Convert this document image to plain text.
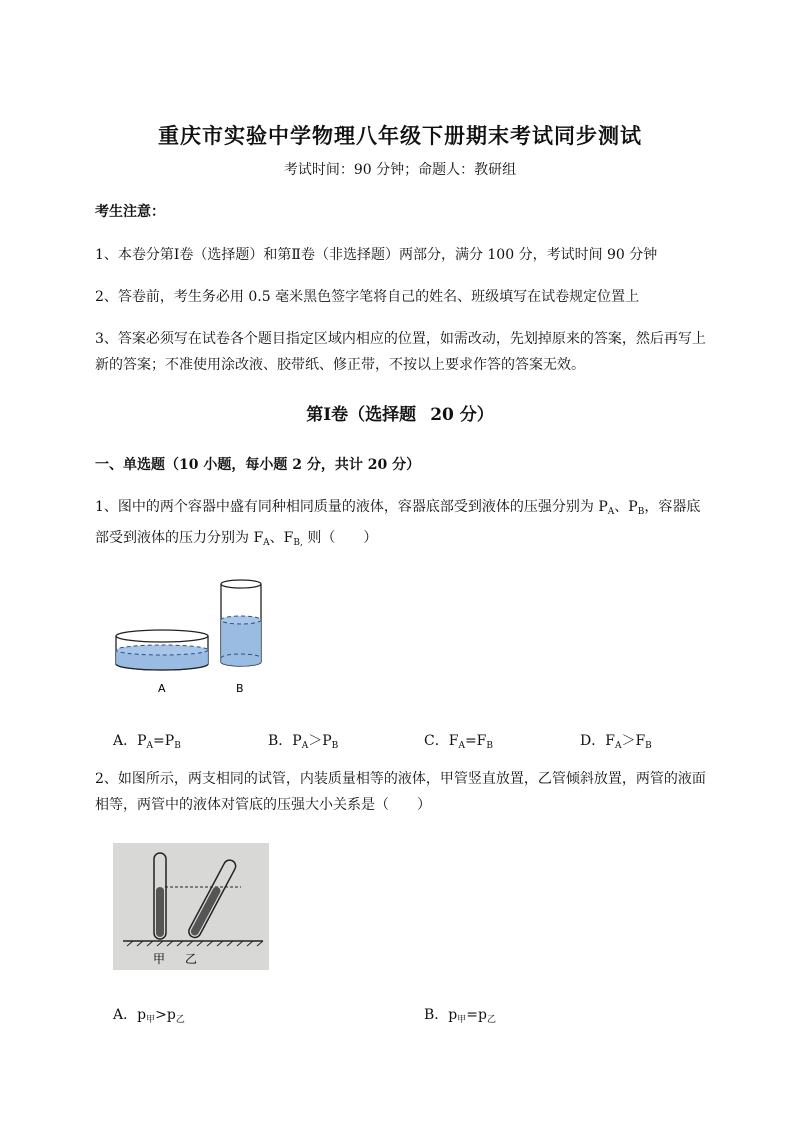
重庆市实验中学物理八年级下册期末考试同步测试
考试时间：90 分钟；命题人：教研组
考生注意：
1、本卷分第Ⅰ卷（选择题）和第Ⅱ卷（非选择题）两部分，满分 100 分，考试时间 90 分钟
2、答卷前，考生务必用 0.5 毫米黑色签字笔将自己的姓名、班级填写在试卷规定位置上
3、答案必须写在试卷各个题目指定区域内相应的位置，如需改动，先划掉原来的答案，然后再写上新的答案；不准使用涂改液、胶带纸、修正带，不按以上要求作答的答案无效。
第Ⅰ卷（选择题 20 分）
一、单选题（10 小题，每小题 2 分，共计 20 分）
1、图中的两个容器中盛有同种相同质量的液体，容器底部受到液体的压强分别为 $P_A$、$P_B$，容器底部受到液体的压力分别为 $F_A$、$F_{B,}$ 则（　　）
A	B
A．$P_A=P_B$	B．$P_A>P_B$	C．$F_A=F_B$	D．$F_A>F_B$
2、如图所示，两支相同的试管，内装质量相等的液体，甲管竖直放置，乙管倾斜放置，两管的液面相等，两管中的液体对管底的压强大小关系是（　　）
甲 乙
A．$p_甲>p_乙$	B．$p_甲=p_乙$
